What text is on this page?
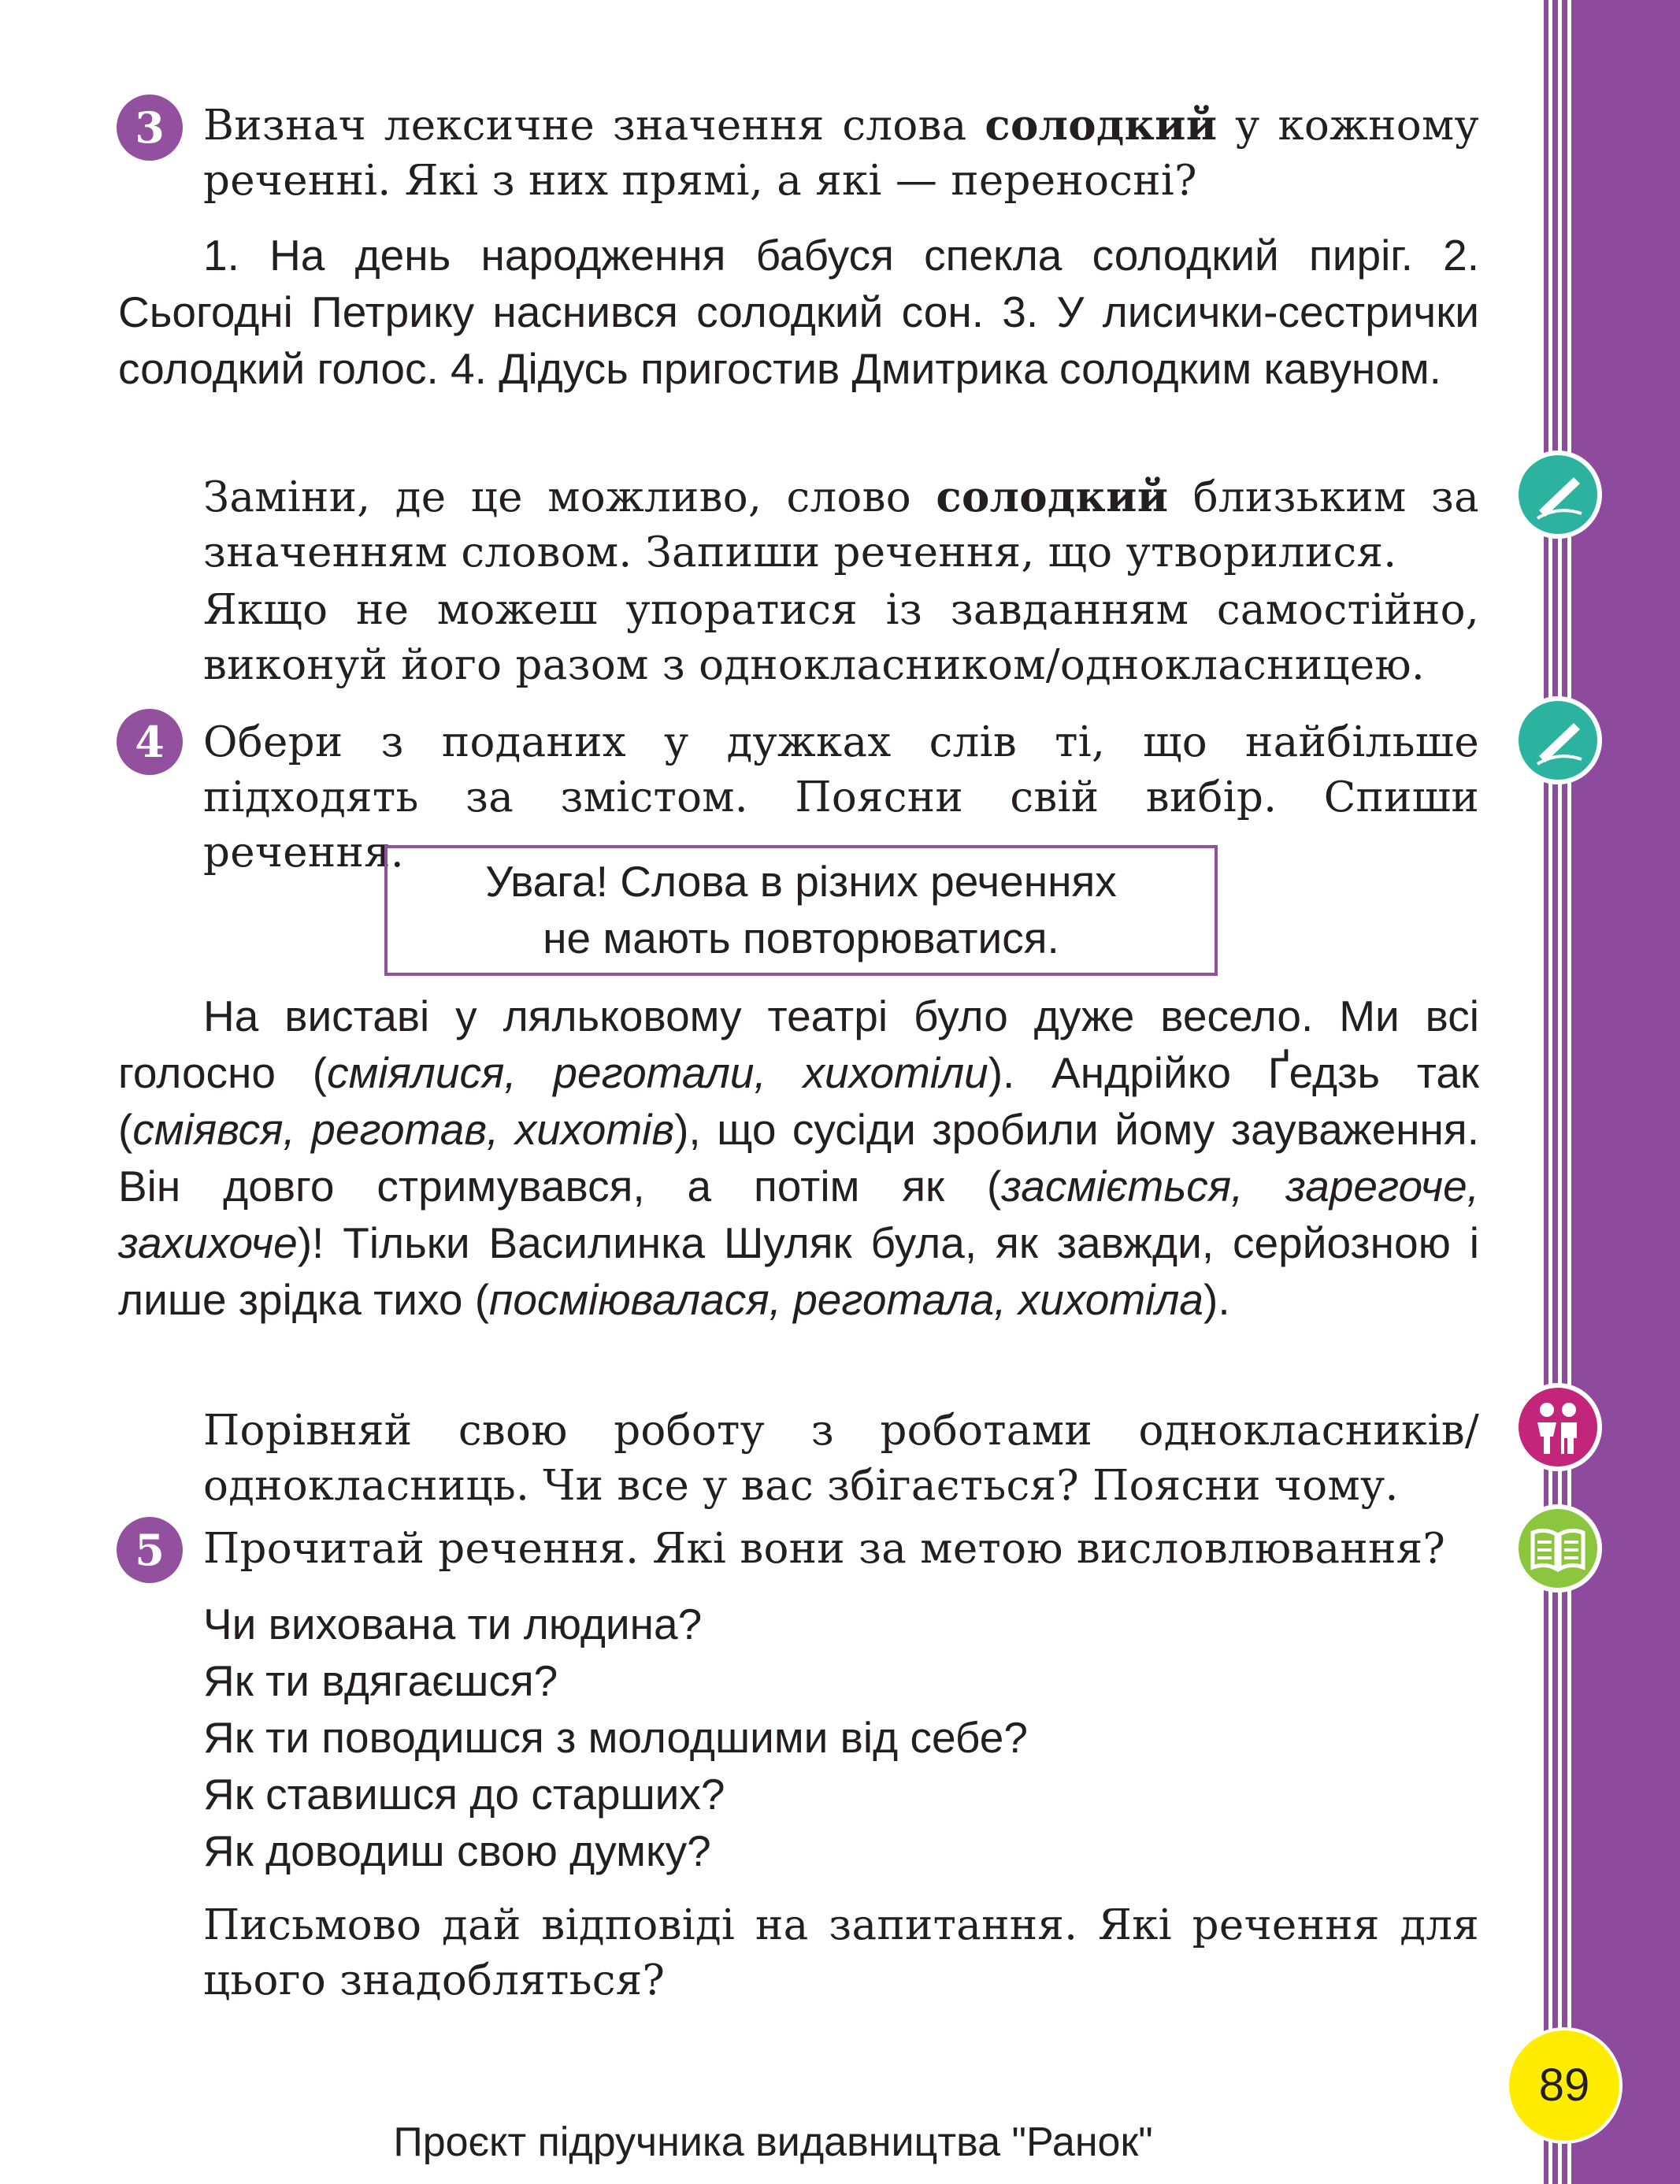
3 Визнач лексичне значення слова солодкий у кожному реченні. Які з них прямі, а які — переносні?

1. На день народження бабуся спекла солодкий пиріг. 2. Сьогодні Петрику наснився солодкий сон. 3. У лисички-сестрички солодкий голос. 4. Дідусь пригостив Дмитрика солодким кавуном.

Заміни, де це можливо, слово солодкий близьким за значенням словом. Запиши речення, що утворилися.

Якщо не можеш упоратися із завданням самостійно, виконуй його разом з однокласником/однокласницею.

4 Обери з поданих у дужках слів ті, що найбільше підходять за змістом. Поясни свій вибір. Спиши речення.

Увага! Слова в різних реченнях
не мають повторюватися.

На виставі у ляльковому театрі було дуже весело. Ми всі голосно (сміялися, реготали, хихотіли). Андрійко Ґедзь так (сміявся, реготав, хихотів), що сусіди зробили йому зауваження. Він довго стримувався, а потім як (засміється, зарегоче, захихоче)! Тільки Василинка Шуляк була, як завжди, серйозною і лише зрідка тихо (посміювалася, реготала, хихотіла).

Порівняй свою роботу з роботами однокласників/однокласниць. Чи все у вас збігається? Поясни чому.

5 Прочитай речення. Які вони за метою висловлювання?

Чи вихована ти людина?
Як ти вдягаєшся?
Як ти поводишся з молодшими від себе?
Як ставишся до старших?
Як доводиш свою думку?

Письмово дай відповіді на запитання. Які речення для цього знадобляться?

89
Проєкт підручника видавництва "Ранок"
